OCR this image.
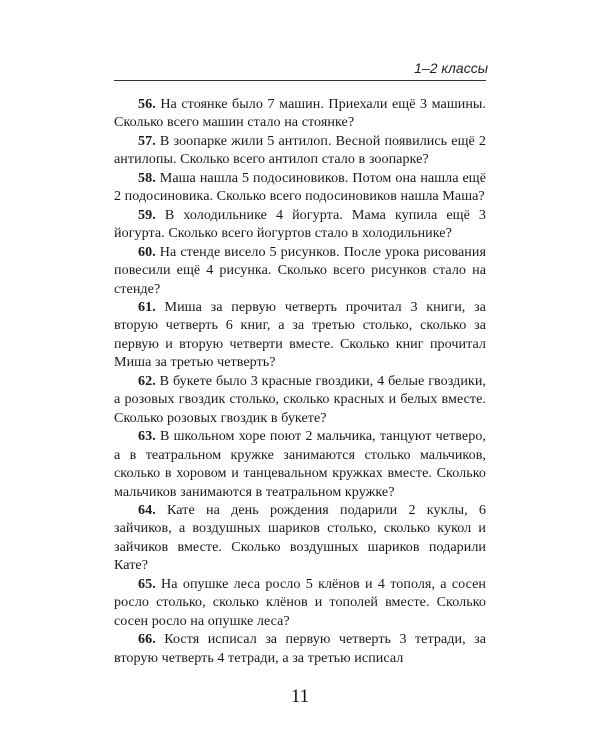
1–2 классы

56. На стоянке было 7 машин. Приехали ещё 3 машины. Сколько всего машин стало на стоянке?

57. В зоопарке жили 5 антилоп. Весной появились ещё 2 антилопы. Сколько всего антилоп стало в зоопарке?

58. Маша нашла 5 подосиновиков. Потом она нашла ещё 2 подосиновика. Сколько всего подосиновиков нашла Маша?

59. В холодильнике 4 йогурта. Мама купила ещё 3 йогурта. Сколько всего йогуртов стало в холодильнике?

60. На стенде висело 5 рисунков. После урока рисования повесили ещё 4 рисунка. Сколько всего рисунков стало на стенде?

61. Миша за первую четверть прочитал 3 книги, за вторую четверть 6 книг, а за третью столько, сколько за первую и вторую четверти вместе. Сколько книг прочитал Миша за третью четверть?

62. В букете было 3 красные гвоздики, 4 белые гвоздики, а розовых гвоздик столько, сколько красных и белых вместе. Сколько розовых гвоздик в букете?

63. В школьном хоре поют 2 мальчика, танцуют четверо, а в театральном кружке занимаются столько мальчиков, сколько в хоровом и танцевальном кружках вместе. Сколько мальчиков занимаются в театральном кружке?

64. Кате на день рождения подарили 2 куклы, 6 зайчиков, а воздушных шариков столько, сколько кукол и зайчиков вместе. Сколько воздушных шариков подарили Кате?

65. На опушке леса росло 5 клёнов и 4 тополя, а сосен росло столько, сколько клёнов и тополей вместе. Сколько сосен росло на опушке леса?

66. Костя исписал за первую четверть 3 тетради, за вторую четверть 4 тетради, а за третью исписал

11
